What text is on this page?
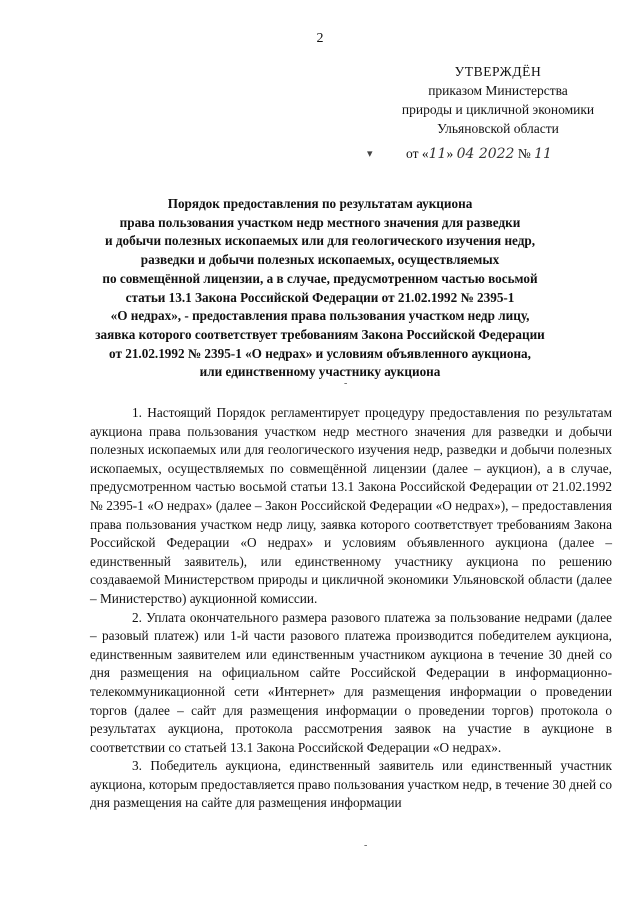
2
УТВЕРЖДЁН
приказом Министерства
природы и цикличной экономики
Ульяновской области
▾ от «11» 04 2022 № 11
Порядок предоставления по результатам аукциона
права пользования участком недр местного значения для разведки
и добычи полезных ископаемых или для геологического изучения недр,
разведки и добычи полезных ископаемых, осуществляемых
по совмещённой лицензии, а в случае, предусмотренном частью восьмой
статьи 13.1 Закона Российской Федерации от 21.02.1992 № 2395-1
«О недрах», - предоставления права пользования участком недр лицу,
заявка которого соответствует требованиям Закона Российской Федерации
от 21.02.1992 № 2395-1 «О недрах» и условиям объявленного аукциона,
или единственному участнику аукциона
-

1. Настоящий Порядок регламентирует процедуру предоставления по результатам аукциона права пользования участком недр местного значения для разведки и добычи полезных ископаемых или для геологического изучения недр, разведки и добычи полезных ископаемых, осуществляемых по совмещённой лицензии (далее – аукцион), а в случае, предусмотренном частью восьмой статьи 13.1 Закона Российской Федерации от 21.02.1992 № 2395-1 «О недрах» (далее – Закон Российской Федерации «О недрах»), – предоставления права пользования участком недр лицу, заявка которого соответствует требованиям Закона Российской Федерации «О недрах» и условиям объявленного аукциона (далее – единственный заявитель), или единственному участнику аукциона по решению создаваемой Министерством природы и цикличной экономики Ульяновской области (далее – Министерство) аукционной комиссии.

2. Уплата окончательного размера разового платежа за пользование недрами (далее – разовый платеж) или 1-й части разового платежа производится победителем аукциона, единственным заявителем или единственным участником аукциона в течение 30 дней со дня размещения на официальном сайте Российской Федерации в информационно-телекоммуникационной сети «Интернет» для размещения информации о проведении торгов (далее – сайт для размещения информации о проведении торгов) протокола о результатах аукциона, протокола рассмотрения заявок на участие в аукционе в соответствии со статьей 13.1 Закона Российской Федерации «О недрах».

3. Победитель аукциона, единственный заявитель или единственный участник аукциона, которым предоставляется право пользования участком недр, в течение 30 дней со дня размещения на сайте для размещения информации

-
